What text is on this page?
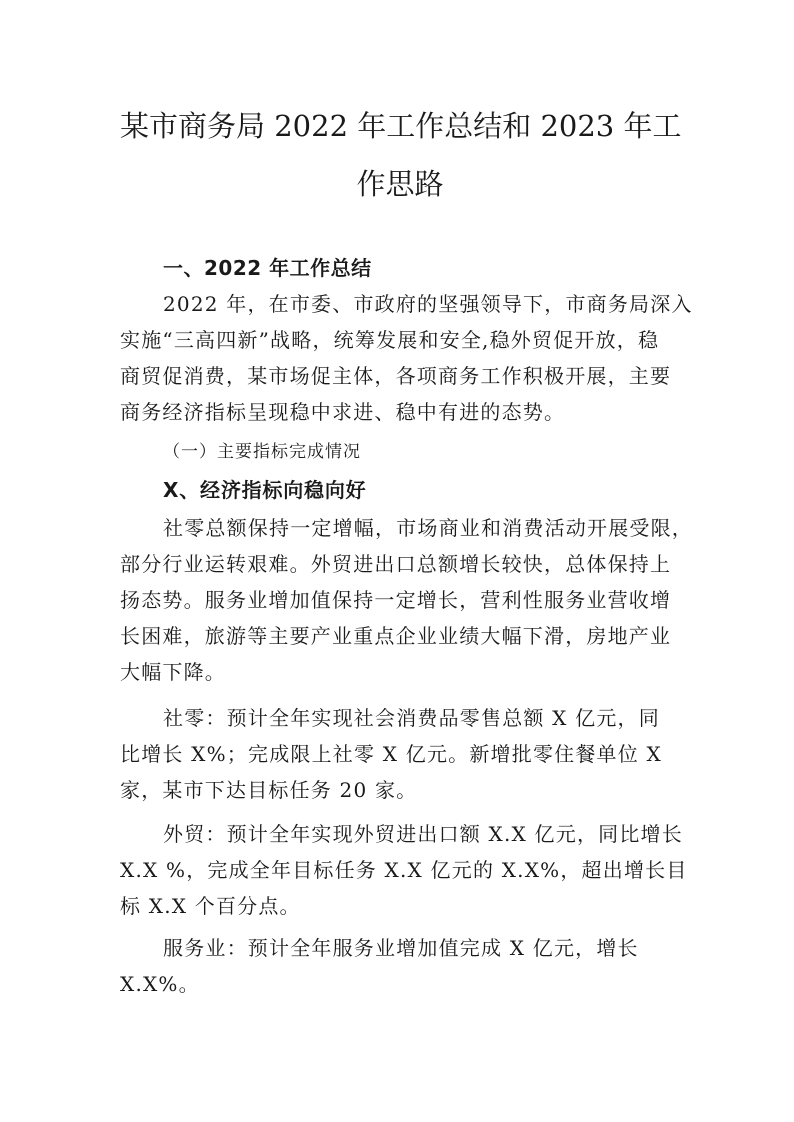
某市商务局 2022 年工作总结和 2023 年工
作思路

一、2022 年工作总结

2022 年，在市委、市政府的坚强领导下，市商务局深入

实施“三高四新”战略，统筹发展和安全,稳外贸促开放，稳

商贸促消费，某市场促主体，各项商务工作积极开展，主要

商务经济指标呈现稳中求进、稳中有进的态势。

（一）主要指标完成情况

X、经济指标向稳向好

社零总额保持一定增幅，市场商业和消费活动开展受限，

部分行业运转艰难。外贸进出口总额增长较快，总体保持上

扬态势。服务业增加值保持一定增长，营利性服务业营收增

长困难，旅游等主要产业重点企业业绩大幅下滑，房地产业

大幅下降。

社零：预计全年实现社会消费品零售总额 X 亿元，同

比增长 X%；完成限上社零 X 亿元。新增批零住餐单位 X

家，某市下达目标任务 20 家。

外贸：预计全年实现外贸进出口额 X.X 亿元，同比增长

X.X %，完成全年目标任务 X.X 亿元的 X.X%，超出增长目

标 X.X 个百分点。

服务业：预计全年服务业增加值完成 X 亿元，增长

X.X%。
